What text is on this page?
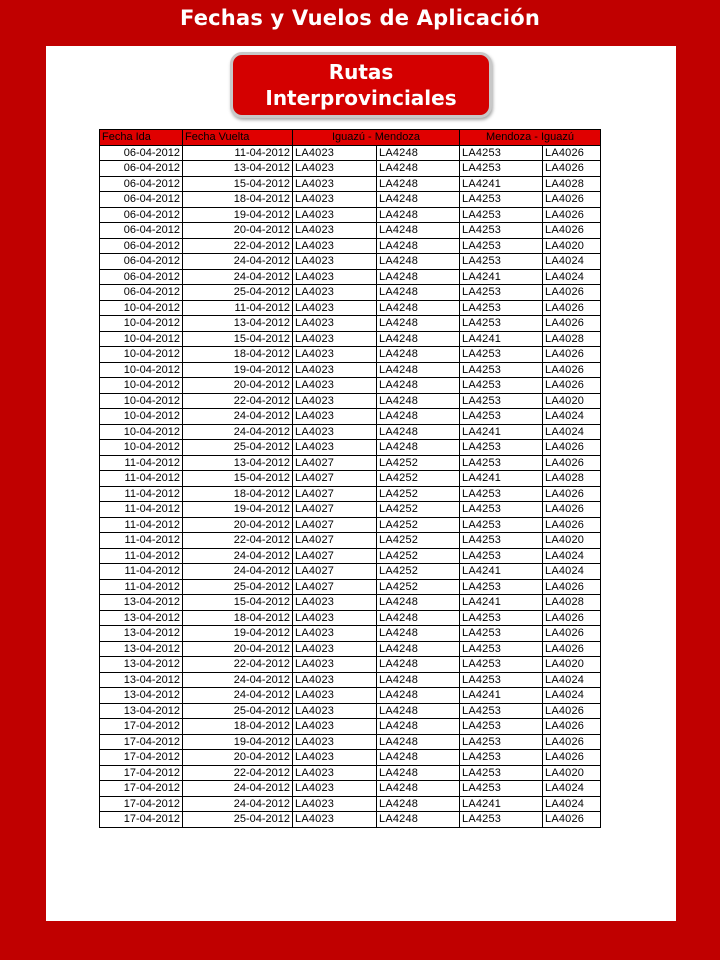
Fechas y Vuelos de Aplicación
Rutas
Interprovinciales
Fecha Ida	Fecha Vuelta	Iguazú - Mendoza		Mendoza - Iguazú	
06-04-2012	11-04-2012	LA4023	LA4248	LA4253	LA4026
06-04-2012	13-04-2012	LA4023	LA4248	LA4253	LA4026
06-04-2012	15-04-2012	LA4023	LA4248	LA4241	LA4028
06-04-2012	18-04-2012	LA4023	LA4248	LA4253	LA4026
06-04-2012	19-04-2012	LA4023	LA4248	LA4253	LA4026
06-04-2012	20-04-2012	LA4023	LA4248	LA4253	LA4026
06-04-2012	22-04-2012	LA4023	LA4248	LA4253	LA4020
06-04-2012	24-04-2012	LA4023	LA4248	LA4253	LA4024
06-04-2012	24-04-2012	LA4023	LA4248	LA4241	LA4024
06-04-2012	25-04-2012	LA4023	LA4248	LA4253	LA4026
10-04-2012	11-04-2012	LA4023	LA4248	LA4253	LA4026
10-04-2012	13-04-2012	LA4023	LA4248	LA4253	LA4026
10-04-2012	15-04-2012	LA4023	LA4248	LA4241	LA4028
10-04-2012	18-04-2012	LA4023	LA4248	LA4253	LA4026
10-04-2012	19-04-2012	LA4023	LA4248	LA4253	LA4026
10-04-2012	20-04-2012	LA4023	LA4248	LA4253	LA4026
10-04-2012	22-04-2012	LA4023	LA4248	LA4253	LA4020
10-04-2012	24-04-2012	LA4023	LA4248	LA4253	LA4024
10-04-2012	24-04-2012	LA4023	LA4248	LA4241	LA4024
10-04-2012	25-04-2012	LA4023	LA4248	LA4253	LA4026
11-04-2012	13-04-2012	LA4027	LA4252	LA4253	LA4026
11-04-2012	15-04-2012	LA4027	LA4252	LA4241	LA4028
11-04-2012	18-04-2012	LA4027	LA4252	LA4253	LA4026
11-04-2012	19-04-2012	LA4027	LA4252	LA4253	LA4026
11-04-2012	20-04-2012	LA4027	LA4252	LA4253	LA4026
11-04-2012	22-04-2012	LA4027	LA4252	LA4253	LA4020
11-04-2012	24-04-2012	LA4027	LA4252	LA4253	LA4024
11-04-2012	24-04-2012	LA4027	LA4252	LA4241	LA4024
11-04-2012	25-04-2012	LA4027	LA4252	LA4253	LA4026
13-04-2012	15-04-2012	LA4023	LA4248	LA4241	LA4028
13-04-2012	18-04-2012	LA4023	LA4248	LA4253	LA4026
13-04-2012	19-04-2012	LA4023	LA4248	LA4253	LA4026
13-04-2012	20-04-2012	LA4023	LA4248	LA4253	LA4026
13-04-2012	22-04-2012	LA4023	LA4248	LA4253	LA4020
13-04-2012	24-04-2012	LA4023	LA4248	LA4253	LA4024
13-04-2012	24-04-2012	LA4023	LA4248	LA4241	LA4024
13-04-2012	25-04-2012	LA4023	LA4248	LA4253	LA4026
17-04-2012	18-04-2012	LA4023	LA4248	LA4253	LA4026
17-04-2012	19-04-2012	LA4023	LA4248	LA4253	LA4026
17-04-2012	20-04-2012	LA4023	LA4248	LA4253	LA4026
17-04-2012	22-04-2012	LA4023	LA4248	LA4253	LA4020
17-04-2012	24-04-2012	LA4023	LA4248	LA4253	LA4024
17-04-2012	24-04-2012	LA4023	LA4248	LA4241	LA4024
17-04-2012	25-04-2012	LA4023	LA4248	LA4253	LA4026
